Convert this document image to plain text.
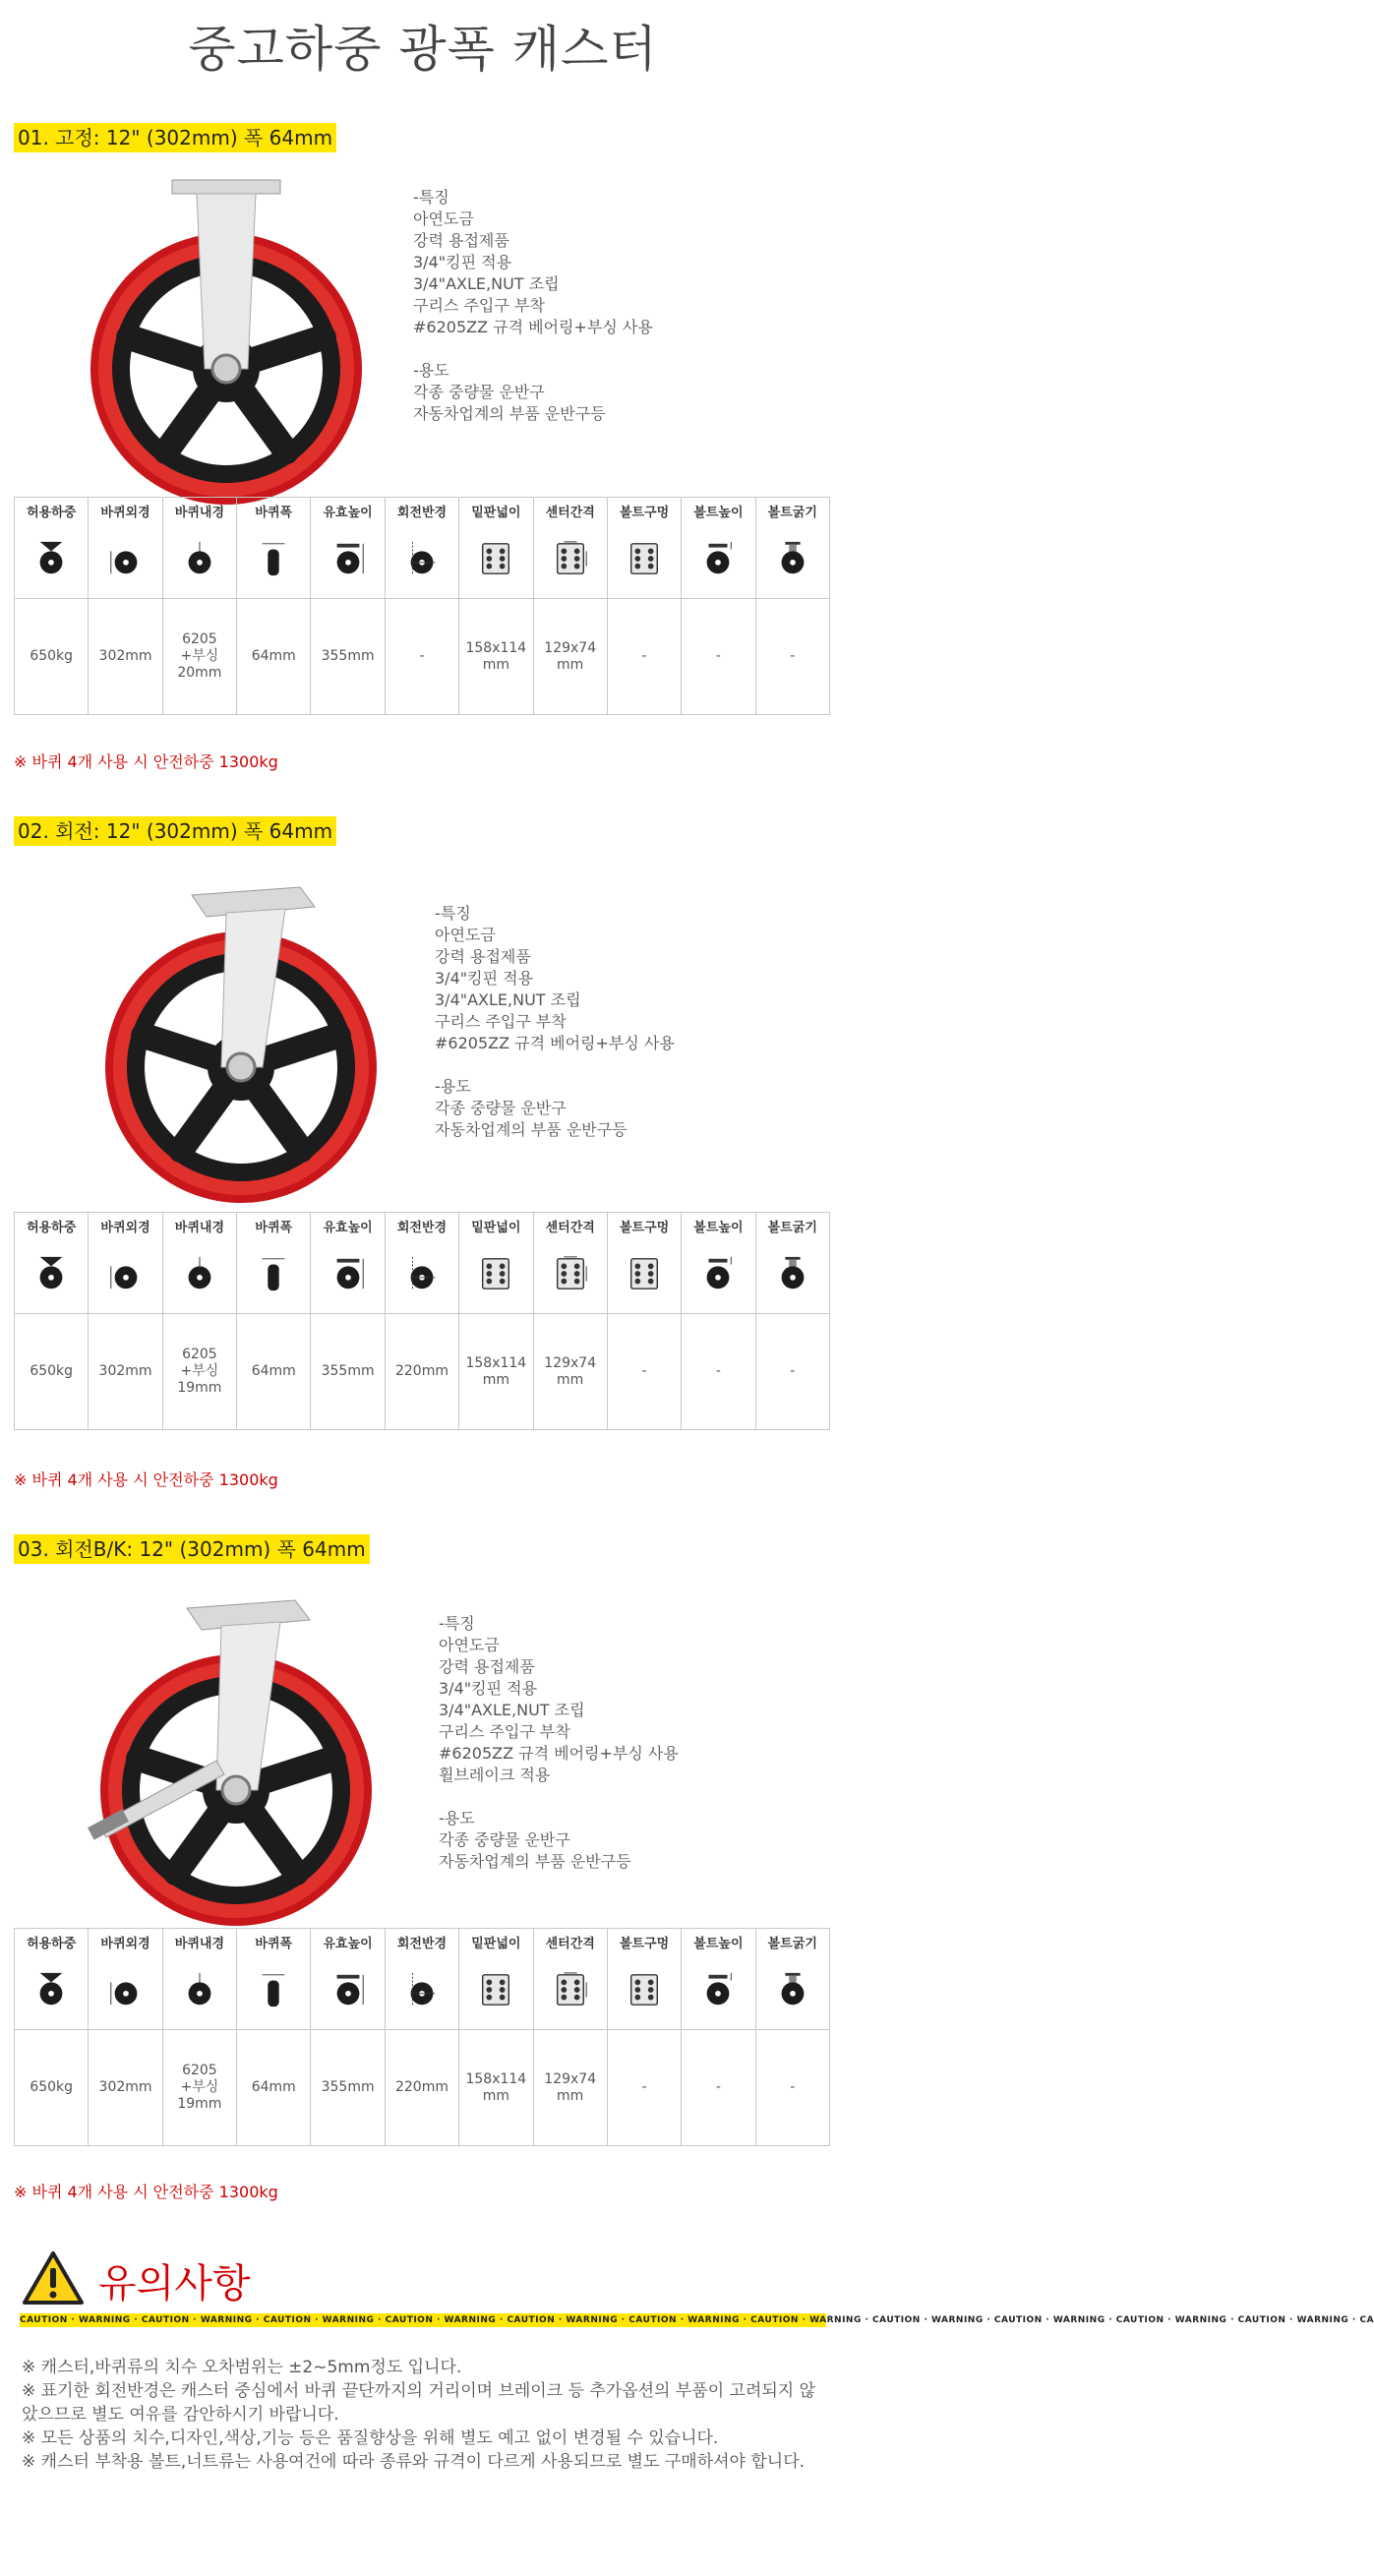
중고하중 광폭 캐스터
01. 고정: 12" (302mm) 폭 64mm
-특징
아연도금
강력 용접제품
3/4"킹핀 적용
3/4"AXLE,NUT 조립
구리스 주입구 부착
#6205ZZ 규격 베어링+부싱 사용
-용도
각종 중량물 운반구
자동차업계의 부품 운반구등
허용하중	바퀴외경	바퀴내경	바퀴폭	유효높이	회전반경	밑판넓이	센터간격	볼트구멍	볼트높이	볼트굵기

650kg	302mm	6205
+부싱
20mm	64mm	355mm	-	158x114
mm	129x74
mm	-	-	-
※ 바퀴 4개 사용 시 안전하중 1300kg
02. 회전: 12" (302mm) 폭 64mm
-특징
아연도금
강력 용접제품
3/4"킹핀 적용
3/4"AXLE,NUT 조립
구리스 주입구 부착
#6205ZZ 규격 베어링+부싱 사용
-용도
각종 중량물 운반구
자동차업계의 부품 운반구등
허용하중	바퀴외경	바퀴내경	바퀴폭	유효높이	회전반경	밑판넓이	센터간격	볼트구멍	볼트높이	볼트굵기

650kg	302mm	6205
+부싱
19mm	64mm	355mm	220mm	158x114
mm	129x74
mm	-	-	-
※ 바퀴 4개 사용 시 안전하중 1300kg
03. 회전B/K: 12" (302mm) 폭 64mm
-특징
아연도금
강력 용접제품
3/4"킹핀 적용
3/4"AXLE,NUT 조립
구리스 주입구 부착
#6205ZZ 규격 베어링+부싱 사용
휠브레이크 적용
-용도
각종 중량물 운반구
자동차업계의 부품 운반구등
허용하중	바퀴외경	바퀴내경	바퀴폭	유효높이	회전반경	밑판넓이	센터간격	볼트구멍	볼트높이	볼트굵기

650kg	302mm	6205
+부싱
19mm	64mm	355mm	220mm	158x114
mm	129x74
mm	-	-	-
※ 바퀴 4개 사용 시 안전하중 1300kg
유의사항
CAUTION · WARNING · CAUTION · WARNING · CAUTION · WARNING · CAUTION · WARNING · CAUTION · WARNING · CAUTION · WARNING · CAUTION · WARNING · CAUTION · WARNING · CAUTION · WARNING · CAUTION · WARNING · CAUTION · WARNING · CA
※ 캐스터,바퀴류의 치수 오차범위는 ±2~5mm정도 입니다.
※ 표기한 회전반경은 캐스터 중심에서 바퀴 끝단까지의 거리이며 브레이크 등 추가옵션의 부품이 고려되지 않았으므로 별도 여유를 감안하시기 바랍니다.
※ 모든 상품의 치수,디자인,색상,기능 등은 품질향상을 위해 별도 예고 없이 변경될 수 있습니다.
※ 캐스터 부착용 볼트,너트류는 사용여건에 따라 종류와 규격이 다르게 사용되므로 별도 구매하셔야 합니다.
